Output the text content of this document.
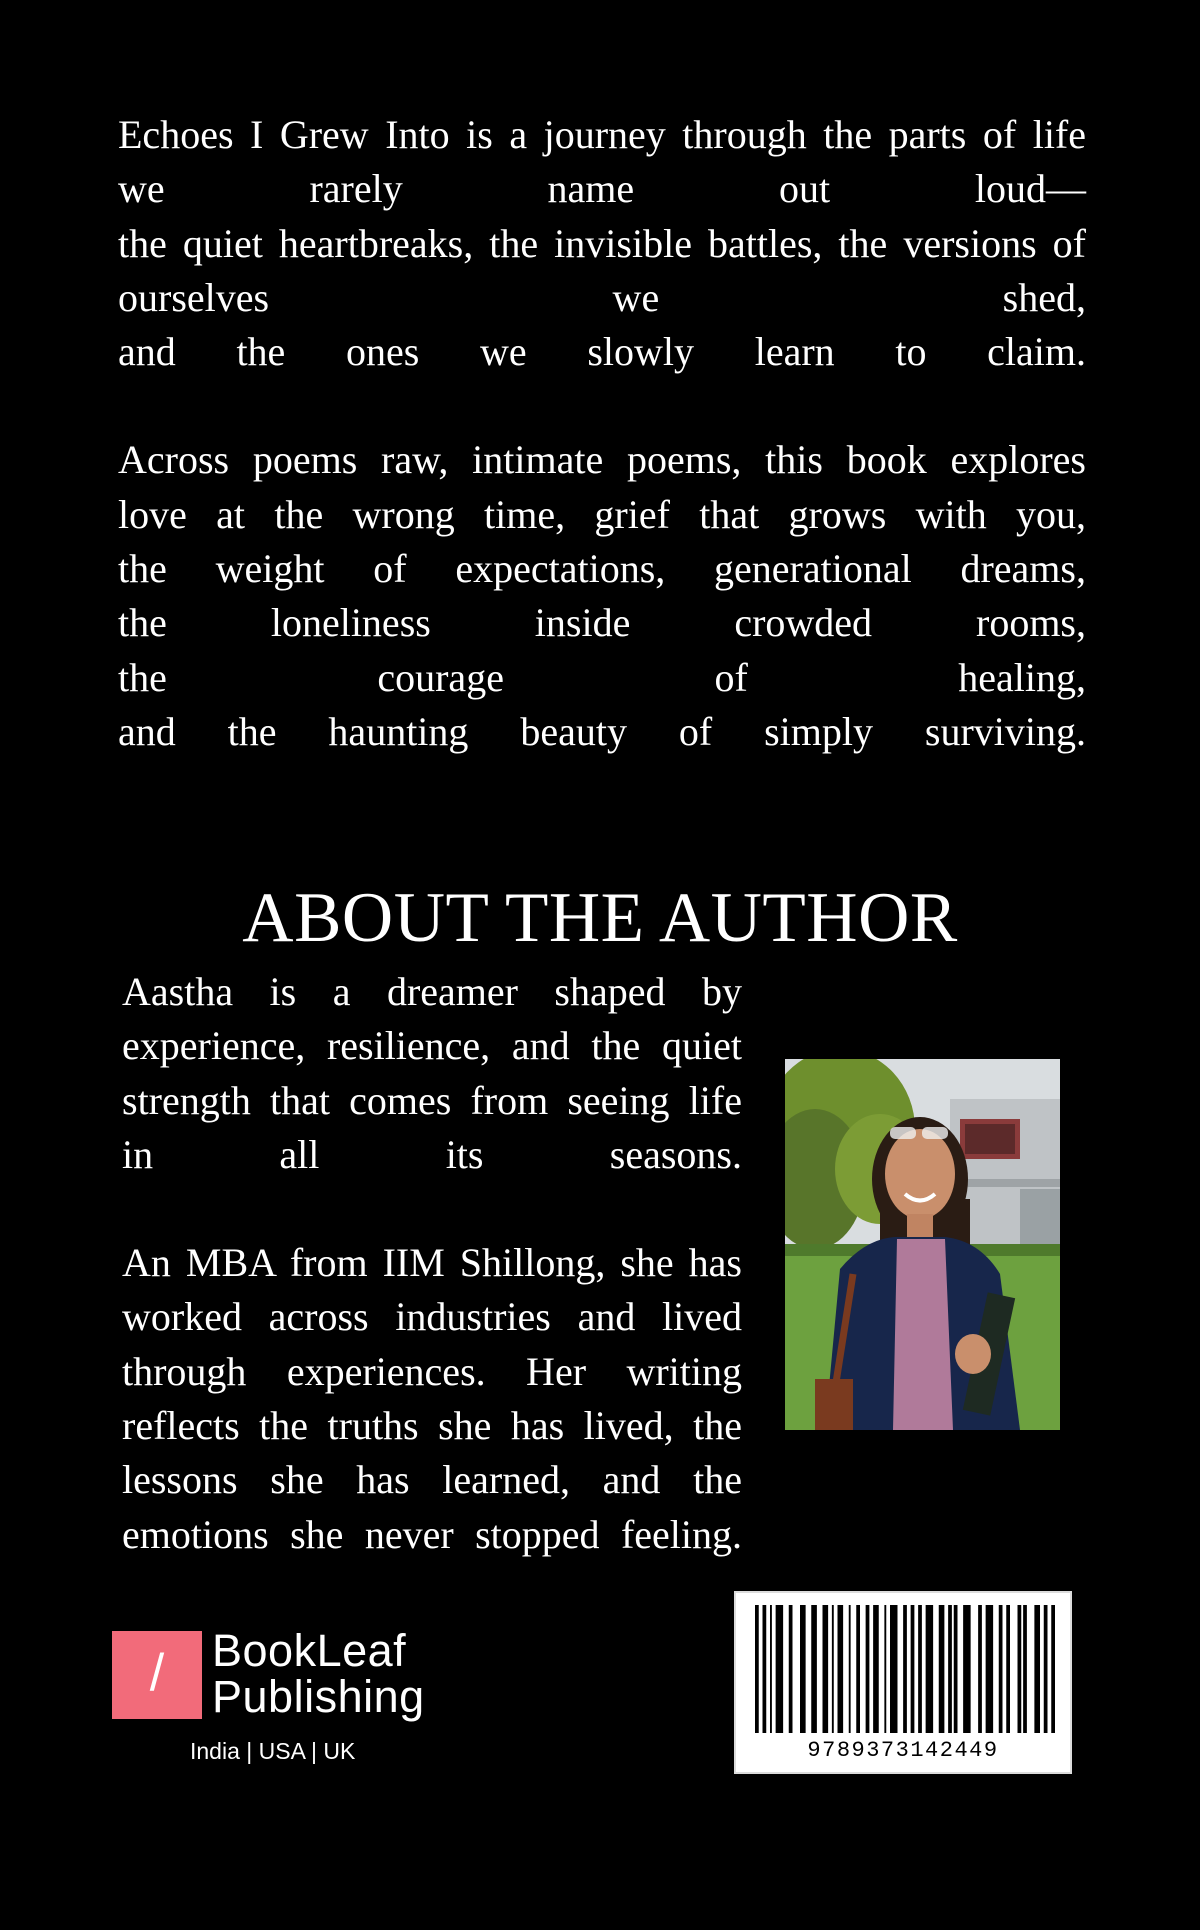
Echoes I Grew Into is a journey through the parts of life
we rarely name out loud—
the quiet heartbreaks, the invisible battles, the versions of
ourselves we shed,
and the ones we slowly learn to claim.

Across poems raw, intimate poems, this book explores
love at the wrong time, grief that grows with you,
the weight of expectations, generational dreams,
the loneliness inside crowded rooms,
the courage of healing,
and the haunting beauty of simply surviving.

ABOUT THE AUTHOR

Aastha is a dreamer shaped by
experience, resilience, and the quiet
strength that comes from seeing life
in all its seasons.

An MBA from IIM Shillong, she has
worked across industries and lived
through experiences. Her writing
reflects the truths she has lived, the
lessons she has learned, and the
emotions she never stopped feeling.

/ BookLeaf
Publishing
India | USA | UK	9789373142449
